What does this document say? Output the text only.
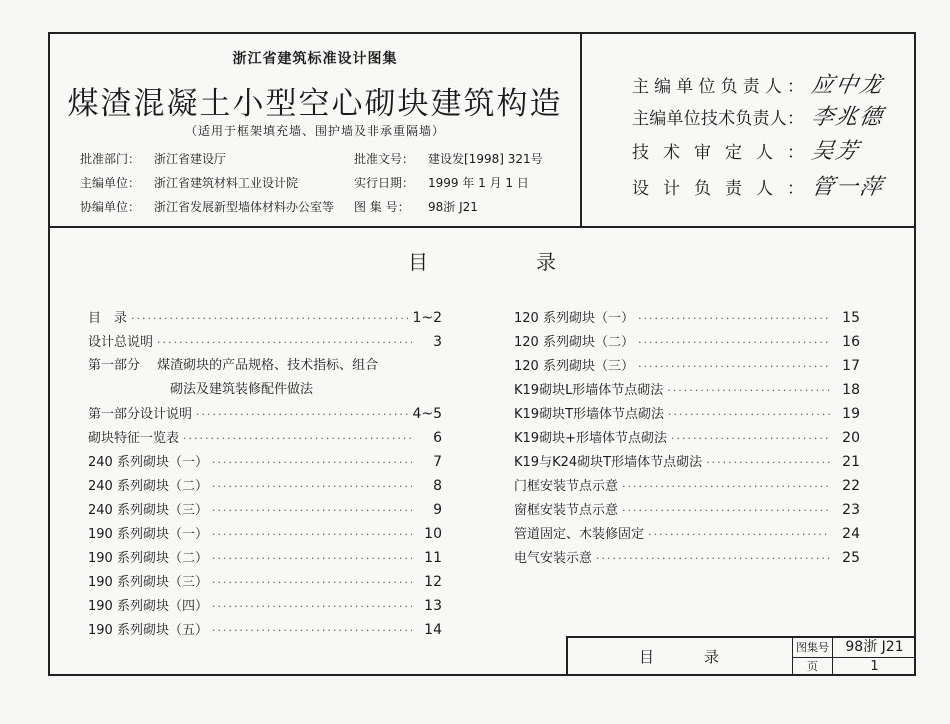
浙江省建筑标准设计图集
煤渣混凝土小型空心砌块建筑构造
（适用于框架填充墙、围护墙及非承重隔墙）
批准部门： 浙江省建设厅	批准文号： 建设发[1998] 321号
主编单位： 浙江省建筑材料工业设计院	实行日期： 1999 年 1 月 1 日
协编单位： 浙江省发展新型墙体材料办公室等 图 集 号： 98浙 J21
主编单位负责人： 应中龙
主编单位技术负责人： 李兆德
技术审定人： 吴芳
设计负责人： 管一萍
目	录
目　录 ·····	1~2
设计总说明 ·····	3
第一部分　 煤渣砌块的产品规格、技术指标、组合
砌法及建筑装修配件做法
第一部分设计说明 ·····	4~5
砌块特征一览表 ·····	6
240 系列砌块（一） ·····	7
240 系列砌块（二） ·····	8
240 系列砌块（三） ·····	9
190 系列砌块（一） ·····	10
190 系列砌块（二） ·····	11
190 系列砌块（三） ·····	12
190 系列砌块（四） ·····	13
190 系列砌块（五） ·····	14
120 系列砌块（一） ·····	15
120 系列砌块（二） ·····	16
120 系列砌块（三） ·····	17
K19砌块L形墙体节点砌法 ·····	18
K19砌块T形墙体节点砌法 ·····	19
K19砌块+形墙体节点砌法 ·····	20
K19与K24砌块T形墙体节点砌法 ·····	21
门框安装节点示意 ·····	22
窗框安装节点示意 ·····	23
管道固定、木装修固定 ·····	24
电气安装示意 ·····	25
目	录
图集号	98浙 J21
页	1
